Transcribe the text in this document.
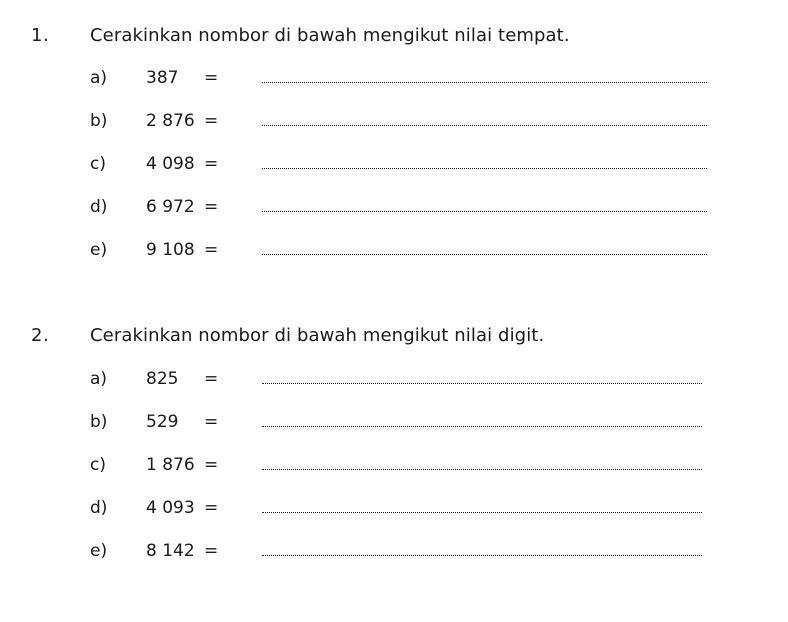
1. Cerakinkan nombor di bawah mengikut nilai tempat.
a) 387 =
b) 2 876 =
c) 4 098 =
d) 6 972 =
e) 9 108 =
2. Cerakinkan nombor di bawah mengikut nilai digit.
a) 825 =
b) 529 =
c) 1 876 =
d) 4 093 =
e) 8 142 =
